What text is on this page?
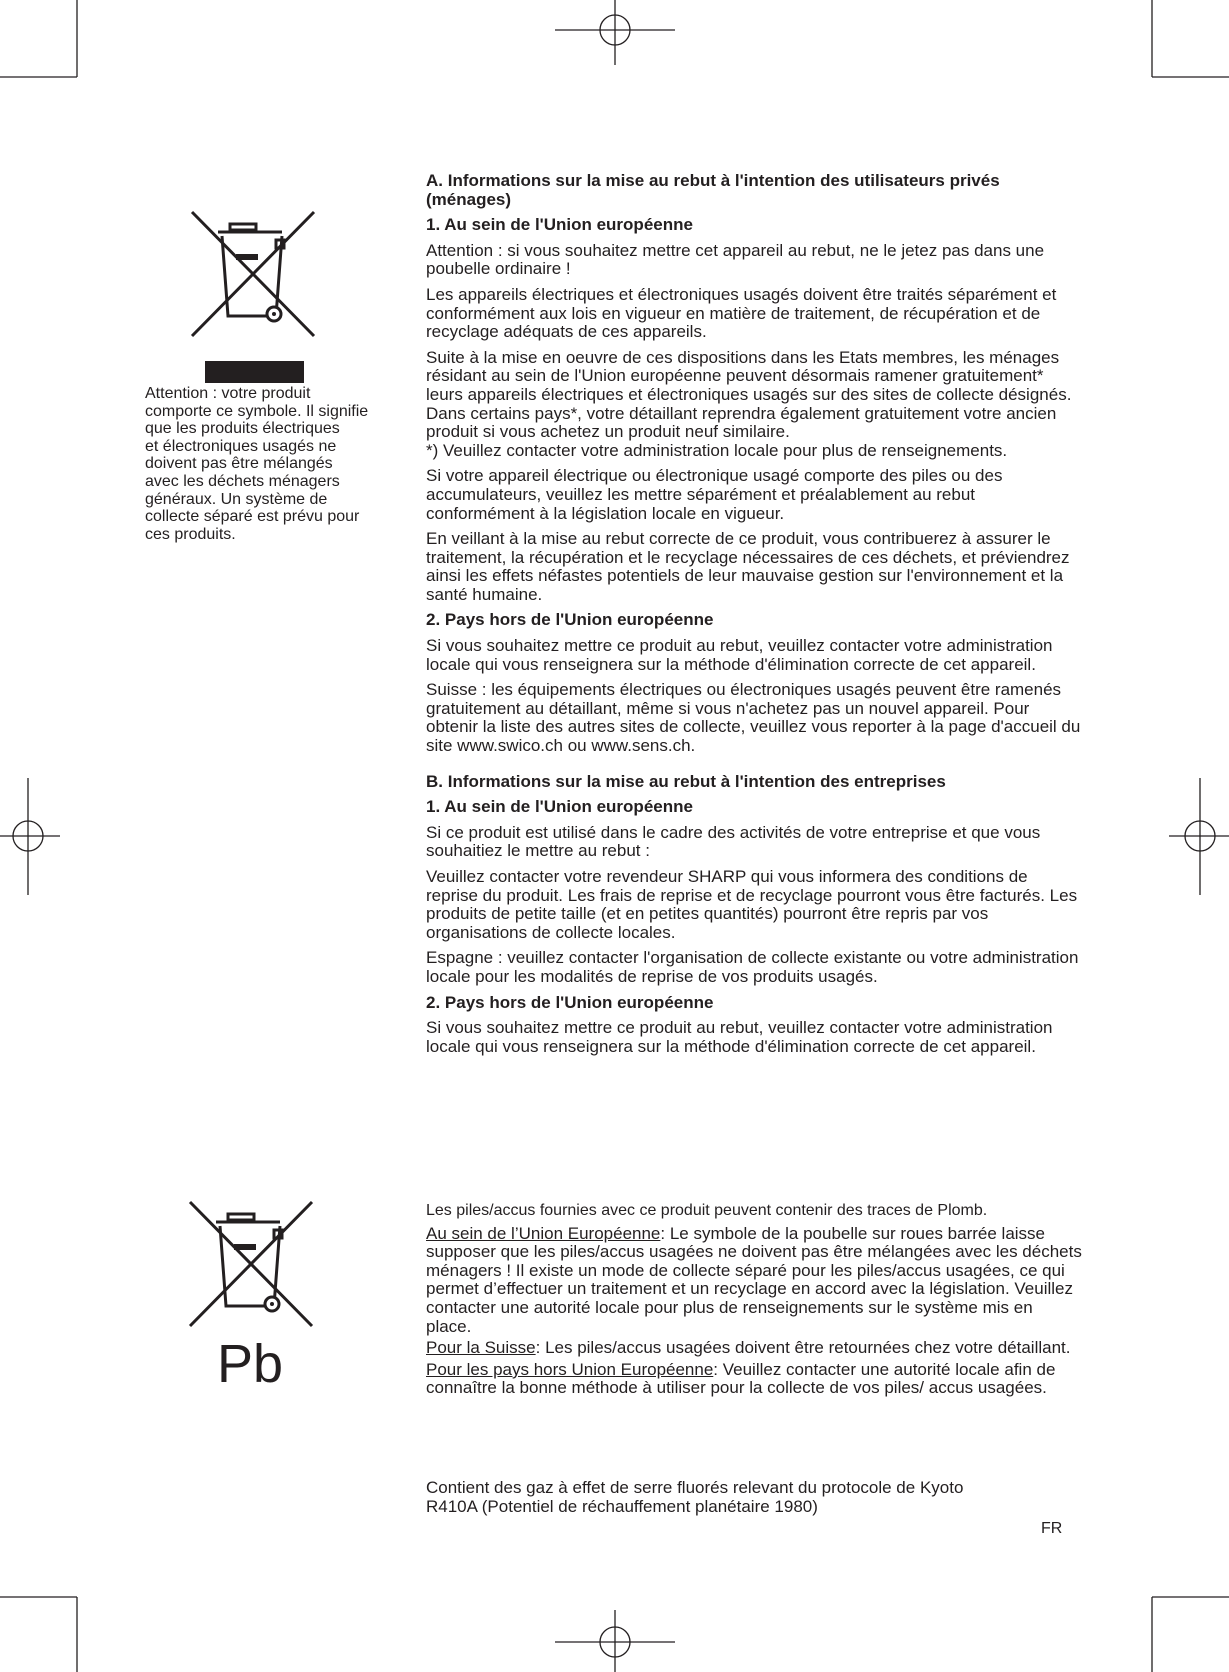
Attention : votre produit
comporte ce symbole. Il signifie
que les produits électriques
et électroniques usagés ne
doivent pas être mélangés
avec les déchets ménagers
généraux. Un système de
collecte séparé est prévu pour
ces produits.
A. Informations sur la mise au rebut à l'intention des utilisateurs privés (ménages)
1. Au sein de l'Union européenne

Attention : si vous souhaitez mettre cet appareil au rebut, ne le jetez pas dans une poubelle ordinaire !

Les appareils électriques et électroniques usagés doivent être traités séparément et conformément aux lois en vigueur en matière de traitement, de récupération et de recyclage adéquats de ces appareils.

Suite à la mise en oeuvre de ces dispositions dans les Etats membres, les ménages résidant au sein de l'Union européenne peuvent désormais ramener gratuitement* leurs appareils électriques et électroniques usagés sur des sites de collecte désignés.

Dans certains pays*, votre détaillant reprendra également gratuitement votre ancien produit si vous achetez un produit neuf similaire.

*) Veuillez contacter votre administration locale pour plus de renseignements.

Si votre appareil électrique ou électronique usagé comporte des piles ou des accumulateurs, veuillez les mettre séparément et préalablement au rebut conformément à la législation locale en vigueur.

En veillant à la mise au rebut correcte de ce produit, vous contribuerez à assurer le traitement, la récupération et le recyclage nécessaires de ces déchets, et préviendrez ainsi les effets néfastes potentiels de leur mauvaise gestion sur l'environnement et la santé humaine.

2. Pays hors de l'Union européenne

Si vous souhaitez mettre ce produit au rebut, veuillez contacter votre administration locale qui vous renseignera sur la méthode d'élimination correcte de cet appareil.

Suisse : les équipements électriques ou électroniques usagés peuvent être ramenés gratuitement au détaillant, même si vous n'achetez pas un nouvel appareil. Pour obtenir la liste des autres sites de collecte, veuillez vous reporter à la page d'accueil du site www.swico.ch ou www.sens.ch.

B. Informations sur la mise au rebut à l'intention des entreprises
1. Au sein de l'Union européenne

Si ce produit est utilisé dans le cadre des activités de votre entreprise et que vous souhaitiez le mettre au rebut :

Veuillez contacter votre revendeur SHARP qui vous informera des conditions de reprise du produit. Les frais de reprise et de recyclage pourront vous être facturés. Les produits de petite taille (et en petites quantités) pourront être repris par vos organisations de collecte locales.

Espagne : veuillez contacter l'organisation de collecte existante ou votre administration locale pour les modalités de reprise de vos produits usagés.

2. Pays hors de l'Union européenne

Si vous souhaitez mettre ce produit au rebut, veuillez contacter votre administration locale qui vous renseignera sur la méthode d'élimination correcte de cet appareil.

Pb

Les piles/accus fournies avec ce produit peuvent contenir des traces de Plomb.

Au sein de l’Union Européenne: Le symbole de la poubelle sur roues barrée laisse supposer que les piles/accus usagées ne doivent pas être mélangées avec les déchets ménagers ! Il existe un mode de collecte séparé pour les piles/accus usagées, ce qui permet d’effectuer un traitement et un recyclage en accord avec la législation. Veuillez contacter une autorité locale pour plus de renseignements sur le système mis en place.

Pour la Suisse: Les piles/accus usagées doivent être retournées chez votre détaillant.

Pour les pays hors Union Européenne: Veuillez contacter une autorité locale afin de connaître la bonne méthode à utiliser pour la collecte de vos piles/ accus usagées.

Contient des gaz à effet de serre fluorés relevant du protocole de Kyoto

R410A (Potentiel de réchauffement planétaire 1980)

FR
